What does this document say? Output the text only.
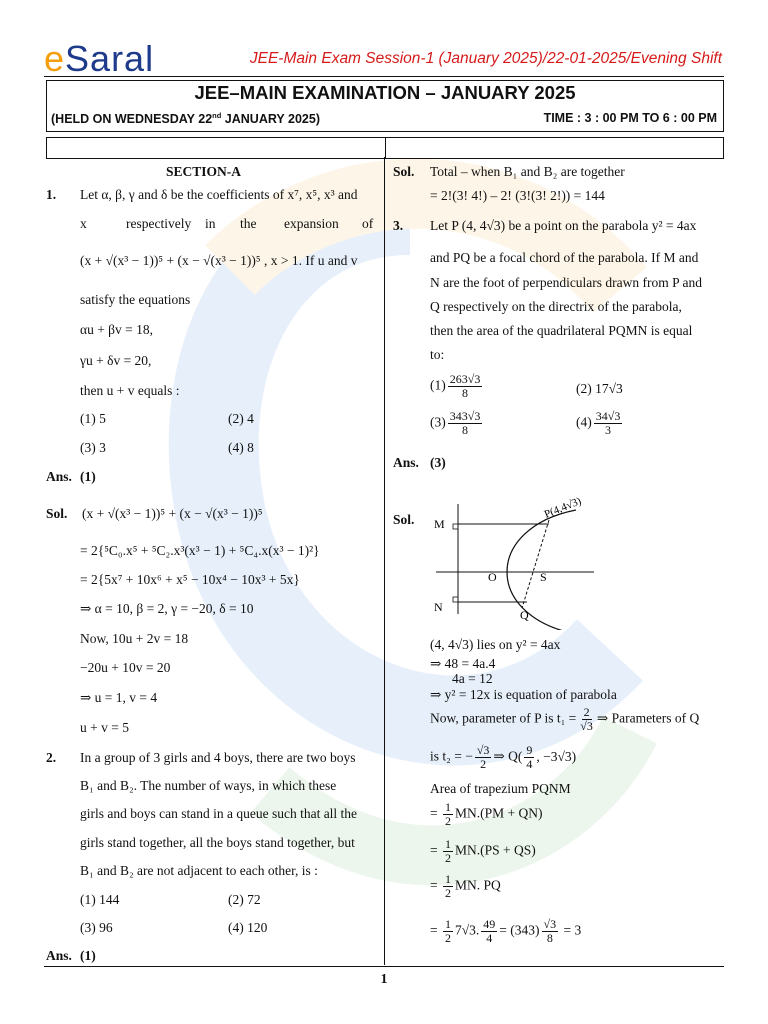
eSaral	JEE-Main Exam Session-1 (January 2025)/22-01-2025/Evening Shift
JEE–MAIN EXAMINATION – JANUARY 2025
(HELD ON WEDNESDAY 22nd JANUARY 2025)	TIME : 3 : 00 PM TO 6 : 00 PM
SECTION-A
1. Let α, β, γ and δ be the coefficients of x⁷, x⁵, x³ and
x	respectively in the expansion of
(x + √(x³ − 1))⁵ + (x − √(x³ − 1))⁵ , x > 1. If u and v
satisfy the equations
αu + βv = 18,
γu + δv = 20,
then u + v equals :
(1) 5	(2) 4
(3) 3	(4) 8
Ans. (1)
Sol. (x + √(x³ − 1))⁵ + (x − √(x³ − 1))⁵
= 2{⁵C₀.x⁵ + ⁵C₂.x³(x³ − 1) + ⁵C₄.x(x³ − 1)²}
= 2{5x⁷ + 10x⁶ + x⁵ − 10x⁴ − 10x³ + 5x}
⇒ α = 10, β = 2, γ = −20, δ = 10
Now, 10u + 2v = 18
−20u + 10v = 20
⇒ u = 1, v = 4
u + v = 5
2. In a group of 3 girls and 4 boys, there are two boys
B₁ and B₂. The number of ways, in which these
girls and boys can stand in a queue such that all the
girls stand together, all the boys stand together, but
B₁ and B₂ are not adjacent to each other, is :
(1) 144	(2) 72
(3) 96	(4) 120
Ans. (1)
Sol. Total – when B₁ and B₂ are together
= 2!(3! 4!) – 2! (3!(3! 2!)) = 144
3. Let P (4, 4√3) be a point on the parabola y² = 4ax
and PQ be a focal chord of the parabola. If M and
N are the foot of perpendiculars drawn from P and
Q respectively on the directrix of the parabola,
then the area of the quadrilateral PQMN is equal
to:
$(1) \frac{263√3}{8}$	(2) 17√3
$(3) \frac{343√3}{8}$	$(4) \frac{34√3}{3}$
Ans. (3)
Sol. M
N
O	S
Q
P(4,4√3)
(4, 4√3) lies on y² = 4ax
⇒ 48 = 4a.4
4a = 12
⇒ y² = 12x is equation of parabola
Now, parameter of P is $t_1 = \frac{2}{√3}$ ⇒ Parameters of Q
is t₂ = − $\frac{√3}{2}$ ⇒ $Q( \frac{9}{4}$ , −3√3)
Area of trapezium PQNM
= $\frac{1}{2} MN.(PM + QN)$
= $\frac{1}{2} MN.(PS + QS)$
= $\frac{1}{2}$ MN. PQ
= $\frac{1}{2} 7√3$. $\frac{49}{4} = (343) \frac{√3}{8} = 3$
1
